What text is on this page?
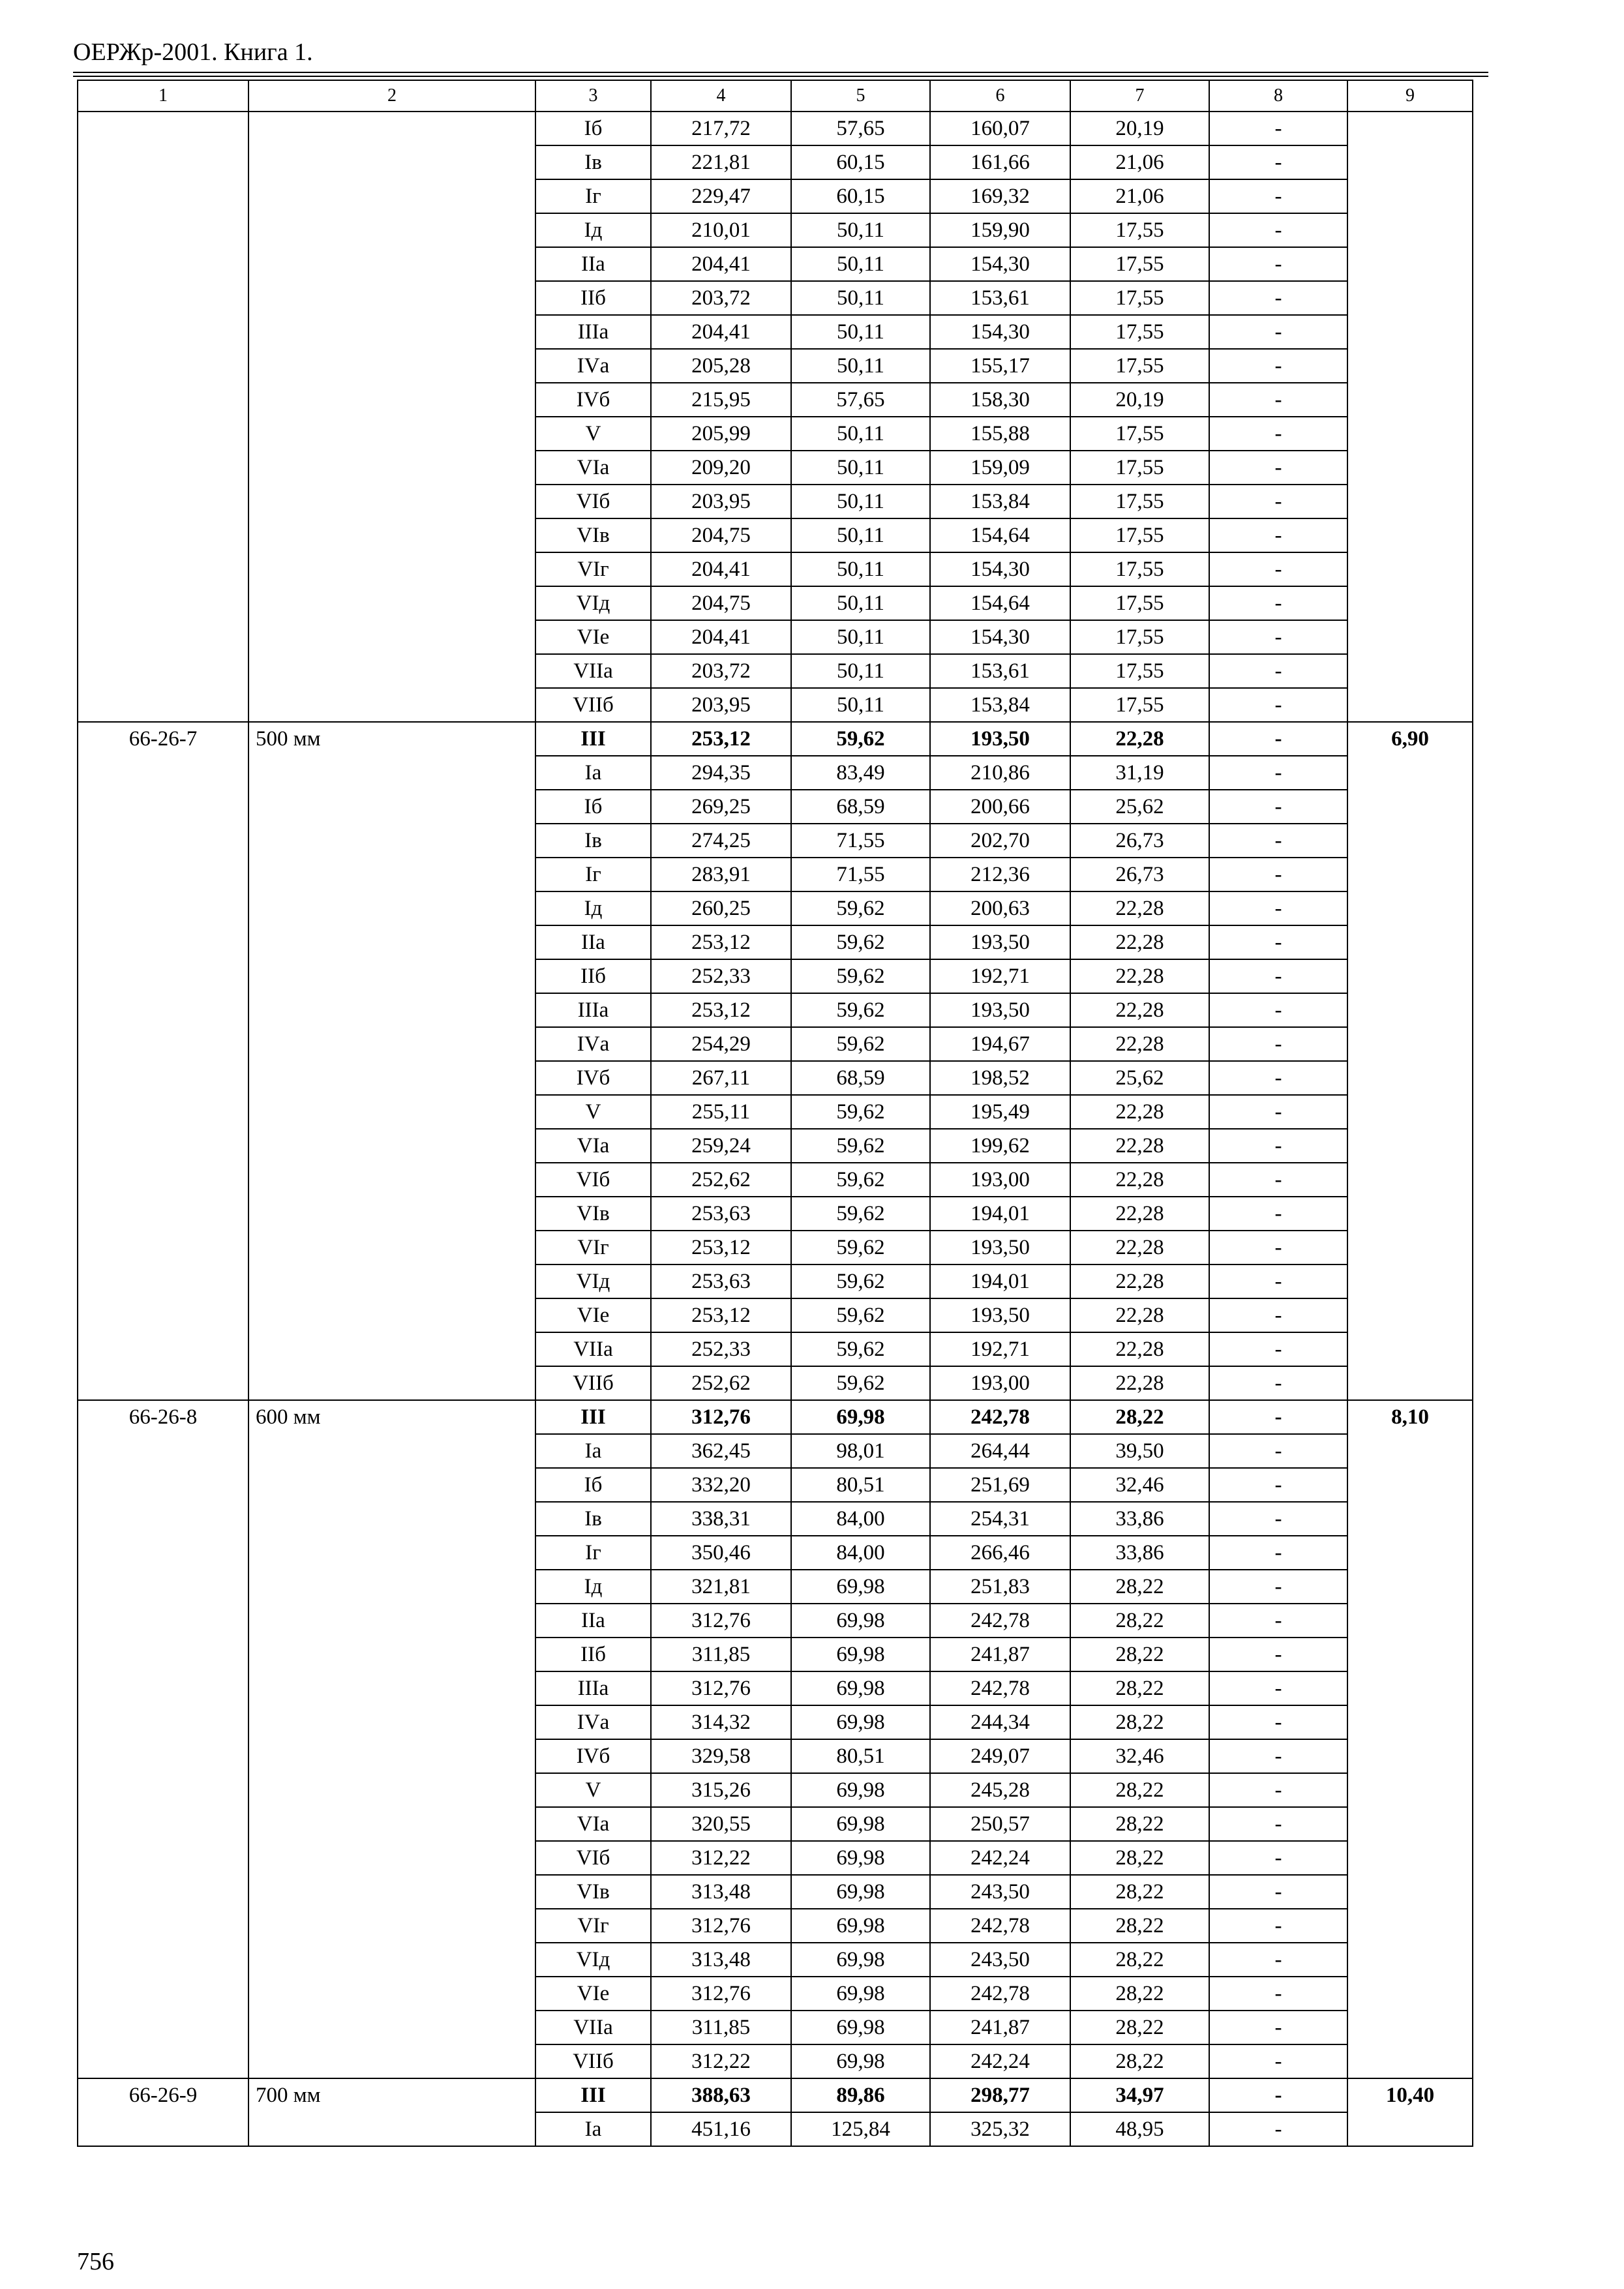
ОЕРЖр-2001. Книга 1.
1	2	3	4	5	6	7	8	9
		Iб	217,72	57,65	160,07	20,19	-	
		Iв	221,81	60,15	161,66	21,06	-	
		Iг	229,47	60,15	169,32	21,06	-	
		Iд	210,01	50,11	159,90	17,55	-	
		IIа	204,41	50,11	154,30	17,55	-	
		IIб	203,72	50,11	153,61	17,55	-	
		IIIа	204,41	50,11	154,30	17,55	-	
		IVа	205,28	50,11	155,17	17,55	-	
		IVб	215,95	57,65	158,30	20,19	-	
		V	205,99	50,11	155,88	17,55	-	
		VIа	209,20	50,11	159,09	17,55	-	
		VIб	203,95	50,11	153,84	17,55	-	
		VIв	204,75	50,11	154,64	17,55	-	
		VIг	204,41	50,11	154,30	17,55	-	
		VIд	204,75	50,11	154,64	17,55	-	
		VIе	204,41	50,11	154,30	17,55	-	
		VIIа	203,72	50,11	153,61	17,55	-	
		VIIб	203,95	50,11	153,84	17,55	-	
66-26-7	500 мм	III	253,12	59,62	193,50	22,28	-	6,90
		Iа	294,35	83,49	210,86	31,19	-	
		Iб	269,25	68,59	200,66	25,62	-	
		Iв	274,25	71,55	202,70	26,73	-	
		Iг	283,91	71,55	212,36	26,73	-	
		Iд	260,25	59,62	200,63	22,28	-	
		IIа	253,12	59,62	193,50	22,28	-	
		IIб	252,33	59,62	192,71	22,28	-	
		IIIа	253,12	59,62	193,50	22,28	-	
		IVа	254,29	59,62	194,67	22,28	-	
		IVб	267,11	68,59	198,52	25,62	-	
		V	255,11	59,62	195,49	22,28	-	
		VIа	259,24	59,62	199,62	22,28	-	
		VIб	252,62	59,62	193,00	22,28	-	
		VIв	253,63	59,62	194,01	22,28	-	
		VIг	253,12	59,62	193,50	22,28	-	
		VIд	253,63	59,62	194,01	22,28	-	
		VIе	253,12	59,62	193,50	22,28	-	
		VIIа	252,33	59,62	192,71	22,28	-	
		VIIб	252,62	59,62	193,00	22,28	-	
66-26-8	600 мм	III	312,76	69,98	242,78	28,22	-	8,10
		Iа	362,45	98,01	264,44	39,50	-	
		Iб	332,20	80,51	251,69	32,46	-	
		Iв	338,31	84,00	254,31	33,86	-	
		Iг	350,46	84,00	266,46	33,86	-	
		Iд	321,81	69,98	251,83	28,22	-	
		IIа	312,76	69,98	242,78	28,22	-	
		IIб	311,85	69,98	241,87	28,22	-	
		IIIа	312,76	69,98	242,78	28,22	-	
		IVа	314,32	69,98	244,34	28,22	-	
		IVб	329,58	80,51	249,07	32,46	-	
		V	315,26	69,98	245,28	28,22	-	
		VIа	320,55	69,98	250,57	28,22	-	
		VIб	312,22	69,98	242,24	28,22	-	
		VIв	313,48	69,98	243,50	28,22	-	
		VIг	312,76	69,98	242,78	28,22	-	
		VIд	313,48	69,98	243,50	28,22	-	
		VIе	312,76	69,98	242,78	28,22	-	
		VIIа	311,85	69,98	241,87	28,22	-	
		VIIб	312,22	69,98	242,24	28,22	-	
66-26-9	700 мм	III	388,63	89,86	298,77	34,97	-	10,40
		Iа	451,16	125,84	325,32	48,95	-	
756
